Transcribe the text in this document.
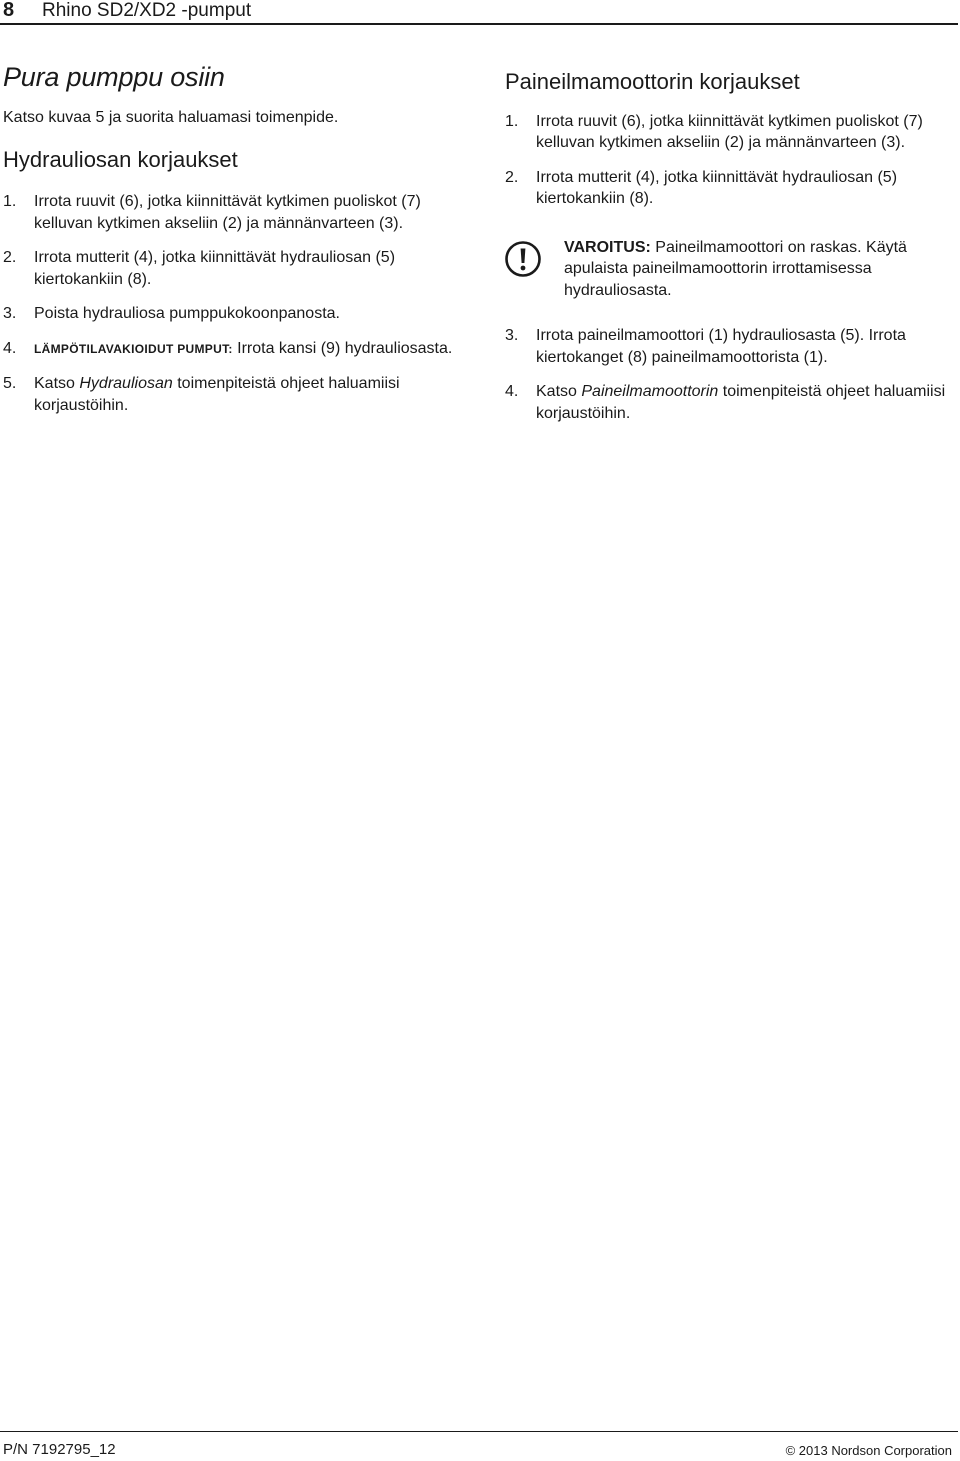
8 Rhino SD2/XD2 -pumput
Pura pumppu osiin

Katso kuvaa 5 ja suorita haluamasi toimenpide.

Hydrauliosan korjaukset
1. Irrota ruuvit (6), jotka kiinnittävät kytkimen puoliskot (7) kelluvan kytkimen akseliin (2) ja männänvarteen (3).
2. Irrota mutterit (4), jotka kiinnittävät hydrauliosan (5) kiertokankiin (8).
3. Poista hydrauliosa pumppukokoonpanosta.
4. LÄMPÖTILAVAKIOIDUT PUMPUT: Irrota kansi (9) hydrauliosasta.
5. Katso Hydrauliosan toimenpiteistä ohjeet haluamiisi korjaustöihin.
Paineilmamoottorin korjaukset
1. Irrota ruuvit (6), jotka kiinnittävät kytkimen puoliskot (7) kelluvan kytkimen akseliin (2) ja männänvarteen (3).
2. Irrota mutterit (4), jotka kiinnittävät hydrauliosan (5) kiertokankiin (8).
VAROITUS: Paineilmamoottori on raskas. Käytä apulaista paineilmamoottorin irrottamisessa hydrauliosasta.
3. Irrota paineilmamoottori (1) hydrauliosasta (5). Irrota kiertokanget (8) paineilmamoottorista (1).
4. Katso Paineilmamoottorin toimenpiteistä ohjeet haluamiisi korjaustöihin.
P/N 7192795_12	© 2013 Nordson Corporation
